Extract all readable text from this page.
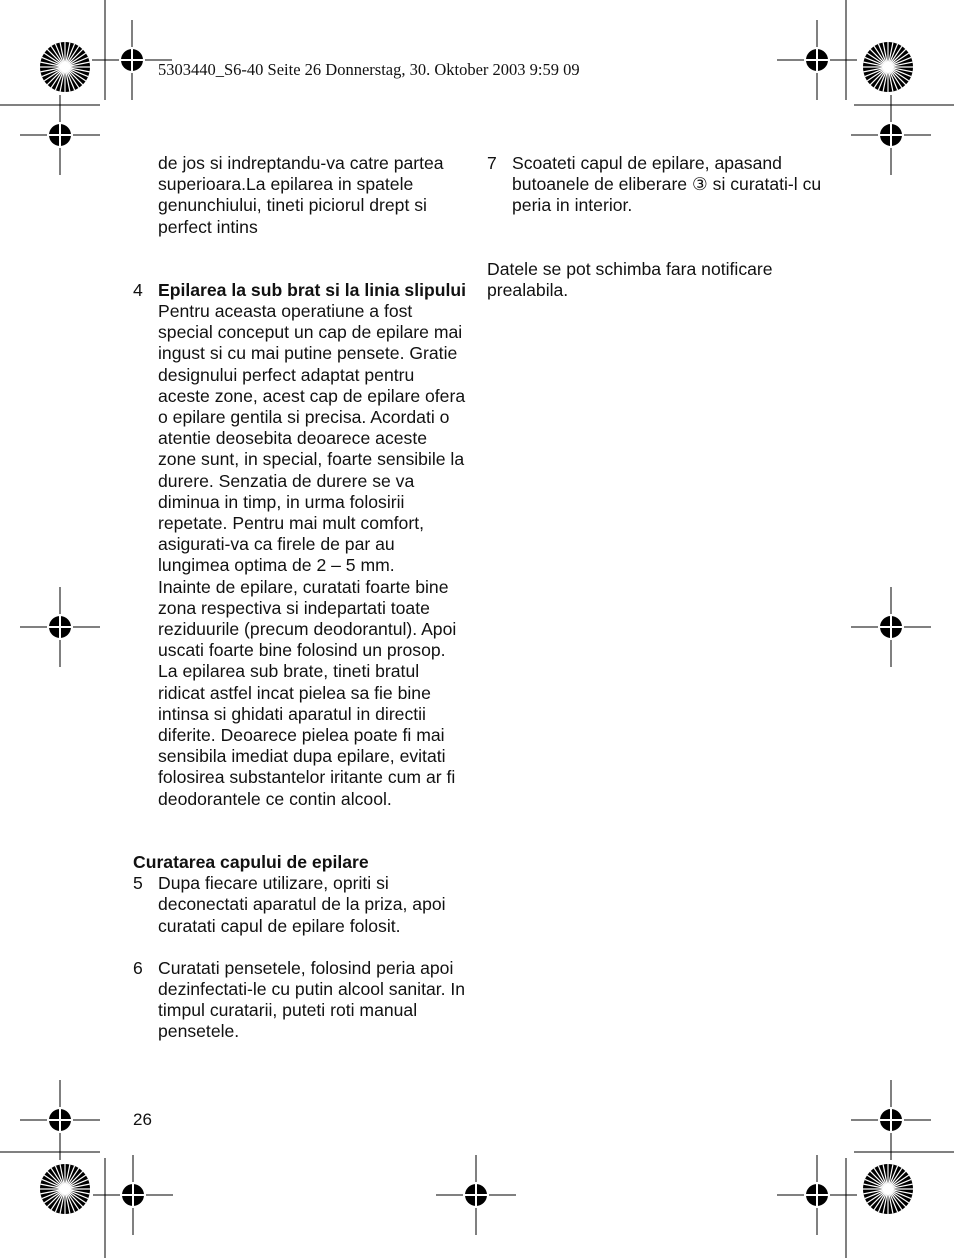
5303440_S6-40 Seite 26 Donnerstag, 30. Oktober 2003 9:59 09

de jos si indreptandu-va catre partea superioara.La epilarea in spatele genunchiului, tineti piciorul drept si perfect intins

4 Epilarea la sub brat si la linia slipului
Pentru aceasta operatiune a fost special conceput un cap de epilare mai ingust si cu mai putine pensete. Gratie designului perfect adaptat pentru aceste zone, acest cap de epilare ofera o epilare gentila si precisa. Acordati o atentie deosebita deoarece aceste zone sunt, in special, foarte sensibile la durere. Senzatia de durere se va diminua in timp, in urma folosirii repetate. Pentru mai mult comfort, asigurati-va ca firele de par au lungimea optima de 2 – 5 mm.
Inainte de epilare, curatati foarte bine zona respectiva si indepartati toate reziduurile (precum deodorantul). Apoi uscati foarte bine folosind un prosop. La epilarea sub brate, tineti bratul ridicat astfel incat pielea sa fie bine intinsa si ghidati aparatul in directii diferite. Deoarece pielea poate fi mai sensibila imediat dupa epilare, evitati folosirea substantelor iritante cum ar fi deodorantele ce contin alcool.
Curatarea capului de epilare
5 Dupa fiecare utilizare, opriti si deconectati aparatul de la priza, apoi curatati capul de epilare folosit.
6 Curatati pensetele, folosind peria apoi dezinfectati-le cu putin alcool sanitar. In timpul curatarii, puteti roti manual pensetele.
7 Scoateti capul de epilare, apasand butoanele de eliberare ③ si curatati-l cu peria in interior.
Datele se pot schimba fara notificare prealabila.
26
